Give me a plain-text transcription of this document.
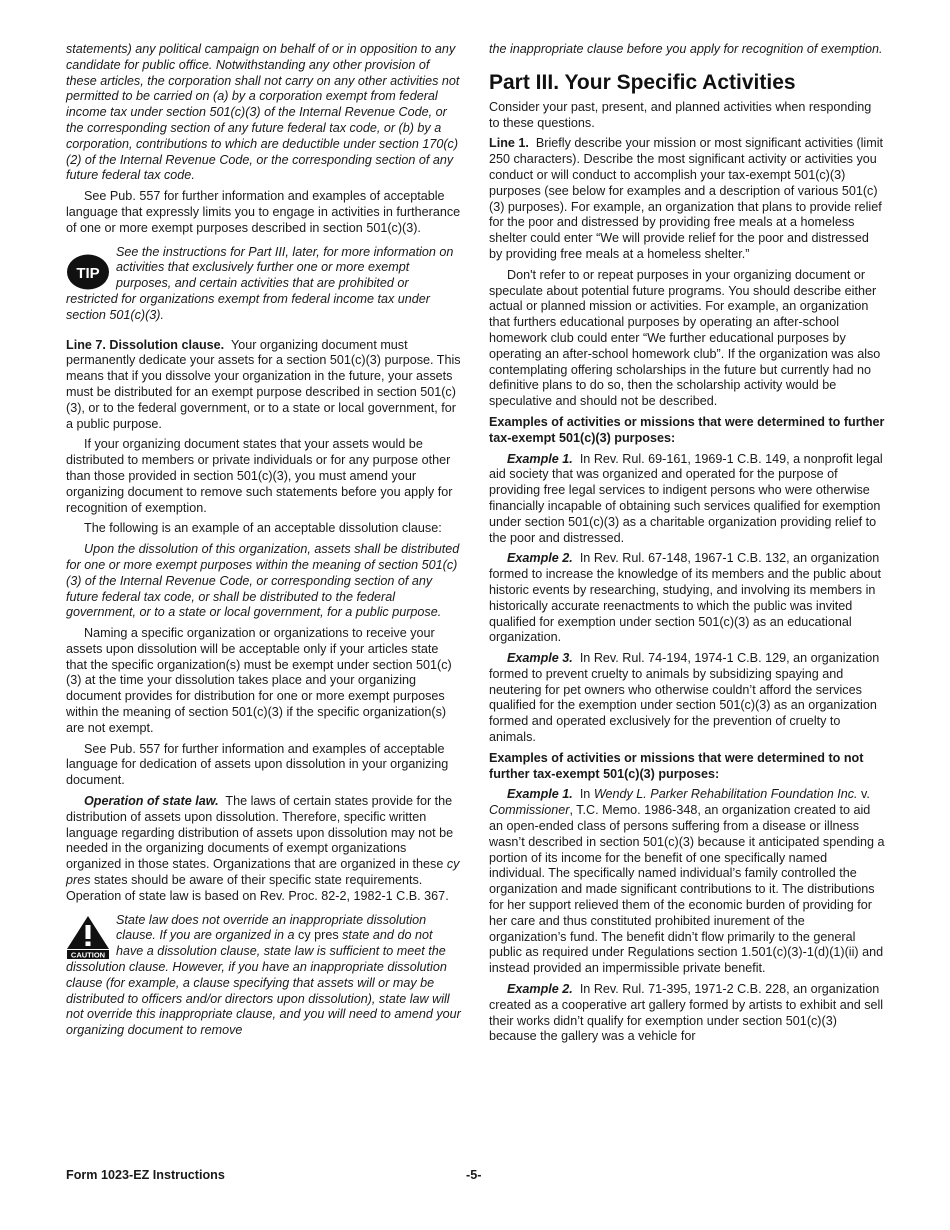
statements) any political campaign on behalf of or in opposition to any candidate for public office. Notwithstanding any other provision of these articles, the corporation shall not carry on any other activities not permitted to be carried on (a) by a corporation exempt from federal income tax under section 501(c)(3) of the Internal Revenue Code, or the corresponding section of any future federal tax code, or (b) by a corporation, contributions to which are deductible under section 170(c)(2) of the Internal Revenue Code, or the corresponding section of any future federal tax code.

See Pub. 557 for further information and examples of acceptable language that expressly limits you to engage in activities in furtherance of one or more exempt purposes described in section 501(c)(3).

TIP

See the instructions for Part III, later, for more information on activities that exclusively further one or more exempt purposes, and certain activities that are prohibited or restricted for organizations exempt from federal income tax under section 501(c)(3).

Line 7. Dissolution clause. Your organizing document must permanently dedicate your assets for a section 501(c)(3) purpose. This means that if you dissolve your organization in the future, your assets must be distributed for an exempt purpose described in section 501(c)(3), or to the federal government, or to a state or local government, for a public purpose.

If your organizing document states that your assets would be distributed to members or private individuals or for any purpose other than those provided in section 501(c)(3), you must amend your organizing document to remove such statements before you apply for recognition of exemption.

The following is an example of an acceptable dissolution clause:

Upon the dissolution of this organization, assets shall be distributed for one or more exempt purposes within the meaning of section 501(c)(3) of the Internal Revenue Code, or corresponding section of any future federal tax code, or shall be distributed to the federal government, or to a state or local government, for a public purpose.

Naming a specific organization or organizations to receive your assets upon dissolution will be acceptable only if your articles state that the specific organization(s) must be exempt under section 501(c)(3) at the time your dissolution takes place and your organizing document provides for distribution for one or more exempt purposes within the meaning of section 501(c)(3) if the specific organization(s) are not exempt.

See Pub. 557 for further information and examples of acceptable language for dedication of assets upon dissolution in your organizing document.

Operation of state law. The laws of certain states provide for the distribution of assets upon dissolution. Therefore, specific written language regarding distribution of assets upon dissolution may not be needed in the organizing documents of exempt organizations organized in those states. Organizations that are organized in these cy pres states should be aware of their specific state requirements. Operation of state law is based on Rev. Proc. 82-2, 1982-1 C.B. 367.

CAUTION

State law does not override an inappropriate dissolution clause. If you are organized in a cy pres state and do not have a dissolution clause, state law is sufficient to meet the dissolution clause. However, if you have an inappropriate dissolution clause (for example, a clause specifying that assets will or may be distributed to officers and/or directors upon dissolution), state law will not override this inappropriate clause, and you will need to amend your organizing document to remove

the inappropriate clause before you apply for recognition of exemption.

Part III. Your Specific Activities

Consider your past, present, and planned activities when responding to these questions.

Line 1. Briefly describe your mission or most significant activities (limit 250 characters). Describe the most significant activity or activities you conduct or will conduct to accomplish your tax-exempt 501(c)(3) purposes (see below for examples and a description of various 501(c)(3) purposes). For example, an organization that plans to provide relief for the poor and distressed by providing free meals at a homeless shelter could enter “We will provide relief for the poor and distressed by providing free meals at a homeless shelter.”

Don't refer to or repeat purposes in your organizing document or speculate about potential future programs. You should describe either actual or planned mission or activities. For example, an organization that furthers educational purposes by operating an after-school homework club could enter “We further educational purposes by operating an after-school homework club”. If the organization was also contemplating offering scholarships in the future but currently had no definitive plans to do so, then the scholarship activity would be speculative and should not be described.

Examples of activities or missions that were determined to further tax-exempt 501(c)(3) purposes:

Example 1. In Rev. Rul. 69-161, 1969-1 C.B. 149, a nonprofit legal aid society that was organized and operated for the purpose of providing free legal services to indigent persons who were otherwise financially incapable of obtaining such services qualified for exemption under section 501(c)(3) as a charitable organization providing relief to the poor and distressed.

Example 2. In Rev. Rul. 67-148, 1967-1 C.B. 132, an organization formed to increase the knowledge of its members and the public about historic events by researching, studying, and involving its members in historically accurate reenactments to which the public was invited qualified for exemption under section 501(c)(3) as an educational organization.

Example 3. In Rev. Rul. 74-194, 1974-1 C.B. 129, an organization formed to prevent cruelty to animals by subsidizing spaying and neutering for pet owners who otherwise couldn’t afford the services qualified for the exemption under section 501(c)(3) as an organization formed and operated exclusively for the prevention of cruelty to animals.

Examples of activities or missions that were determined to not further tax-exempt 501(c)(3) purposes:

Example 1. In Wendy L. Parker Rehabilitation Foundation Inc. v. Commissioner, T.C. Memo. 1986-348, an organization created to aid an open-ended class of persons suffering from a disease or illness wasn’t described in section 501(c)(3) because it anticipated spending a portion of its income for the benefit of one specifically named individual. The specifically named individual’s family controlled the organization and made significant contributions to it. The distributions for her support relieved them of the economic burden of providing for her care and thus constituted prohibited inurement of the organization’s fund. The benefit didn’t flow primarily to the general public as required under Regulations section 1.501(c)(3)-1(d)(1)(ii) and instead provided an impermissible private benefit.

Example 2. In Rev. Rul. 71-395, 1971-2 C.B. 228, an organization created as a cooperative art gallery formed by artists to exhibit and sell their works didn’t qualify for exemption under section 501(c)(3) because the gallery was a vehicle for

Form 1023-EZ Instructions	-5-
